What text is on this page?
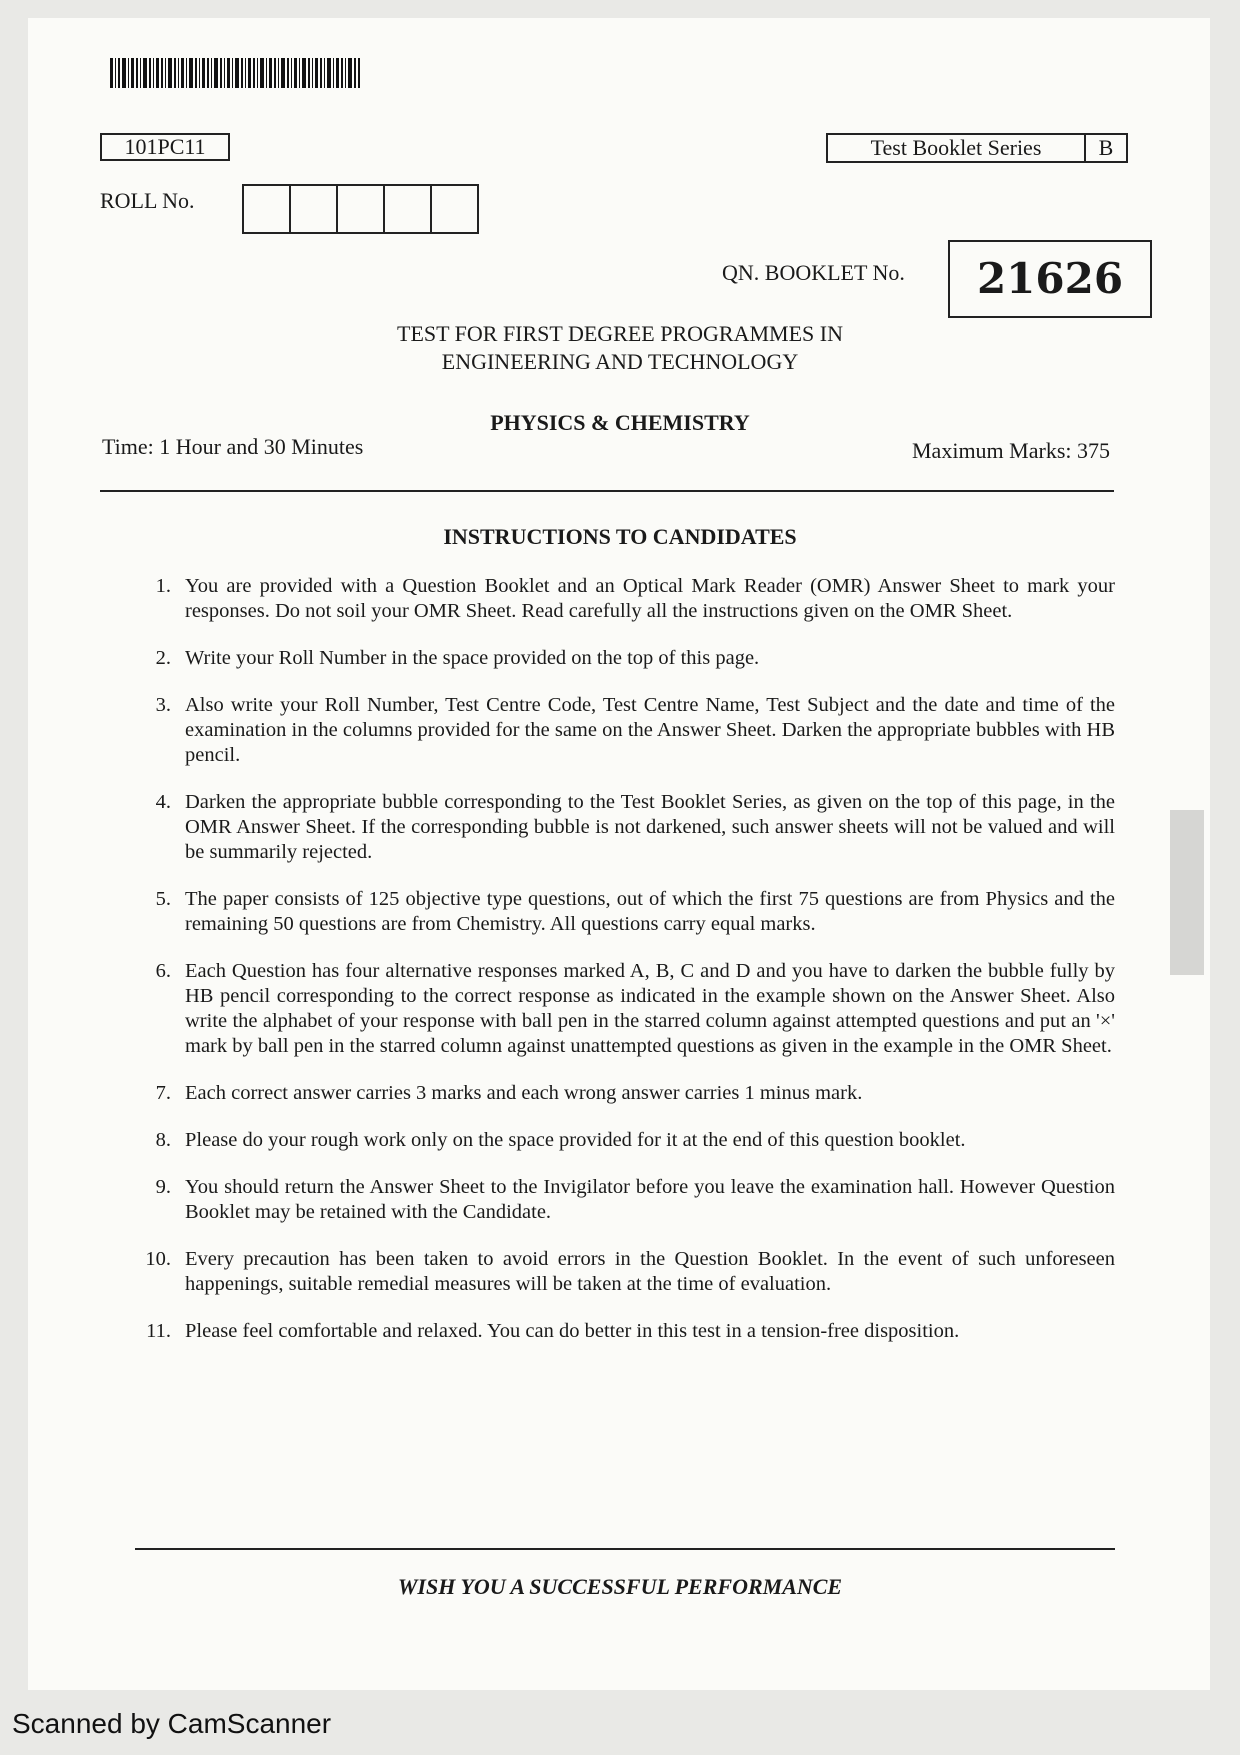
101PC11	Test Booklet Series	B
ROLL No.
QN. BOOKLET No.	21626
TEST FOR FIRST DEGREE PROGRAMMES IN
ENGINEERING AND TECHNOLOGY
PHYSICS & CHEMISTRY
Time: 1 Hour and 30 Minutes	Maximum Marks: 375
INSTRUCTIONS TO CANDIDATES
1. You are provided with a Question Booklet and an Optical Mark Reader (OMR) Answer Sheet to mark your responses. Do not soil your OMR Sheet. Read carefully all the instructions given on the OMR Sheet.
2. Write your Roll Number in the space provided on the top of this page.
3. Also write your Roll Number, Test Centre Code, Test Centre Name, Test Subject and the date and time of the examination in the columns provided for the same on the Answer Sheet. Darken the appropriate bubbles with HB pencil.
4. Darken the appropriate bubble corresponding to the Test Booklet Series, as given on the top of this page, in the OMR Answer Sheet. If the corresponding bubble is not darkened, such answer sheets will not be valued and will be summarily rejected.
5. The paper consists of 125 objective type questions, out of which the first 75 questions are from Physics and the remaining 50 questions are from Chemistry. All questions carry equal marks.
6. Each Question has four alternative responses marked A, B, C and D and you have to darken the bubble fully by HB pencil corresponding to the correct response as indicated in the example shown on the Answer Sheet. Also write the alphabet of your response with ball pen in the starred column against attempted questions and put an '×' mark by ball pen in the starred column against unattempted questions as given in the example in the OMR Sheet.
7. Each correct answer carries 3 marks and each wrong answer carries 1 minus mark.
8. Please do your rough work only on the space provided for it at the end of this question booklet.
9. You should return the Answer Sheet to the Invigilator before you leave the examination hall. However Question Booklet may be retained with the Candidate.
10. Every precaution has been taken to avoid errors in the Question Booklet. In the event of such unforeseen happenings, suitable remedial measures will be taken at the time of evaluation.
11. Please feel comfortable and relaxed. You can do better in this test in a tension-free disposition.
WISH YOU A SUCCESSFUL PERFORMANCE
Scanned by CamScanner
